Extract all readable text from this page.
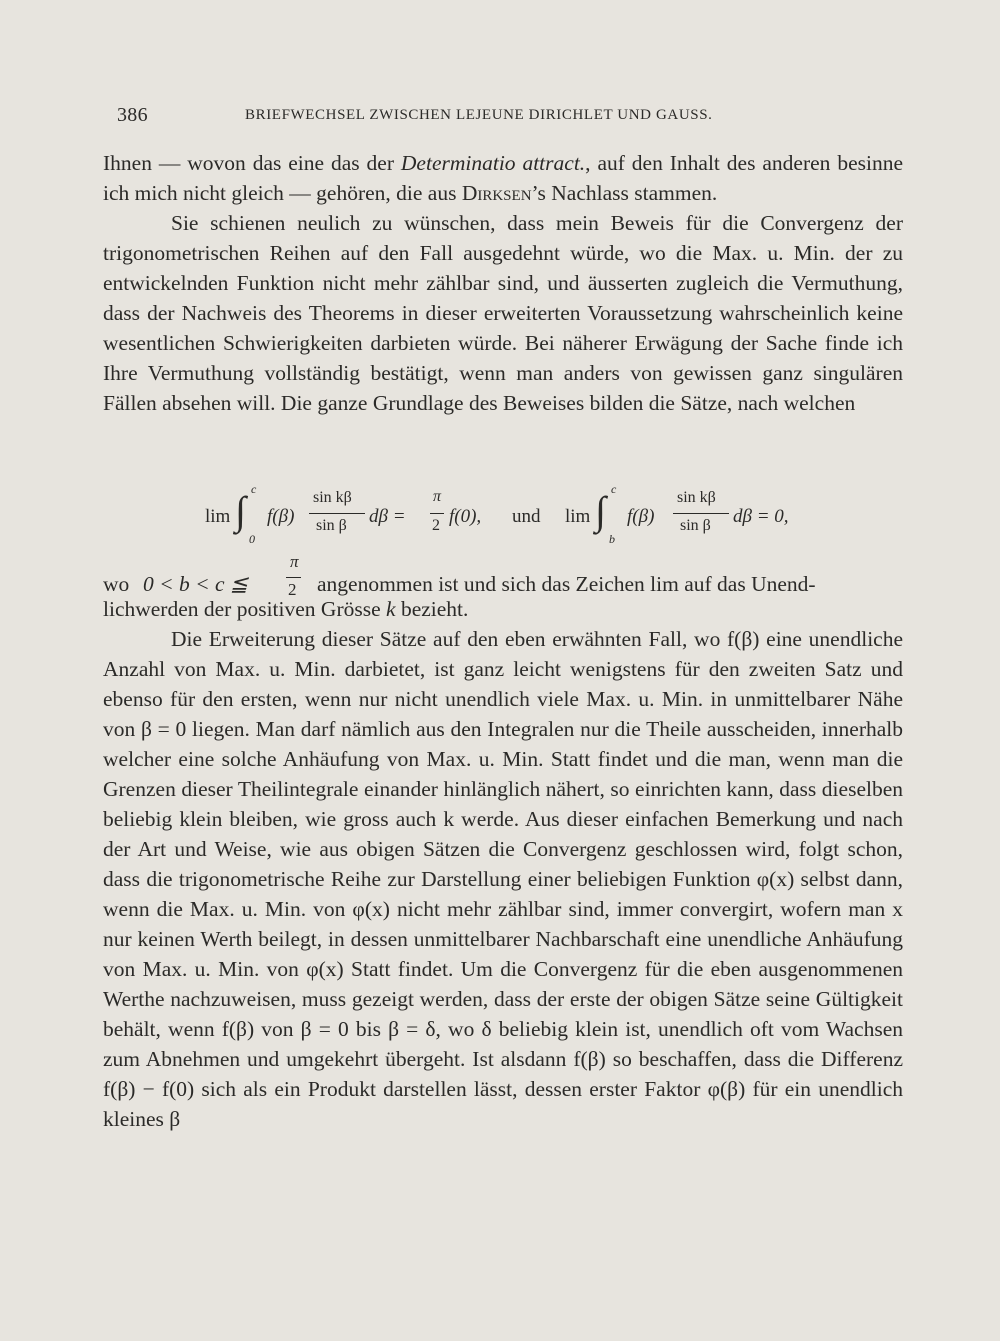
386	BRIEFWECHSEL ZWISCHEN LEJEUNE DIRICHLET UND GAUSS.

Ihnen — wovon das eine das der Determinatio attract., auf den Inhalt des anderen besinne ich mich nicht gleich — gehören, die aus Dirksen’s Nachlass stammen.

Sie schienen neulich zu wünschen, dass mein Beweis für die Convergenz der trigonometrischen Reihen auf den Fall ausgedehnt würde, wo die Max. u. Min. der zu entwickelnden Funktion nicht mehr zählbar sind, und äusserten zugleich die Vermuthung, dass der Nachweis des Theorems in dieser erweiterten Voraussetzung wahrscheinlich keine wesentlichen Schwierigkeiten darbieten würde. Bei näherer Erwägung der Sache finde ich Ihre Vermuthung vollständig bestätigt, wenn man anders von gewissen ganz singulären Fällen absehen will. Die ganze Grundlage des Beweises bilden die Sätze, nach welchen

lim ∫ c
0
f(β)
sin kβ
sin β dβ =
π
2 f(0), und lim ∫ c
b
f(β)
sin kβ
sin β dβ = 0,
wo 0 < b < c ≦
π
2 angenommen ist und sich das Zeichen lim auf das Unend-

lichwerden der positiven Grösse k bezieht.

Die Erweiterung dieser Sätze auf den eben erwähnten Fall, wo f(β) eine unendliche Anzahl von Max. u. Min. darbietet, ist ganz leicht wenigstens für den zweiten Satz und ebenso für den ersten, wenn nur nicht unendlich viele Max. u. Min. in unmittelbarer Nähe von β = 0 liegen. Man darf nämlich aus den Integralen nur die Theile ausscheiden, innerhalb welcher eine solche Anhäufung von Max. u. Min. Statt findet und die man, wenn man die Grenzen dieser Theilintegrale einander hinlänglich nähert, so einrichten kann, dass dieselben beliebig klein bleiben, wie gross auch k werde. Aus dieser einfachen Bemerkung und nach der Art und Weise, wie aus obigen Sätzen die Convergenz geschlossen wird, folgt schon, dass die trigonometrische Reihe zur Darstellung einer beliebigen Funktion φ(x) selbst dann, wenn die Max. u. Min. von φ(x) nicht mehr zählbar sind, immer convergirt, wofern man x nur keinen Werth beilegt, in dessen unmittelbarer Nachbarschaft eine unendliche Anhäufung von Max. u. Min. von φ(x) Statt findet. Um die Convergenz für die eben ausgenommenen Werthe nachzuweisen, muss gezeigt werden, dass der erste der obigen Sätze seine Gültigkeit behält, wenn f(β) von β = 0 bis β = δ, wo δ beliebig klein ist, unendlich oft vom Wachsen zum Abnehmen und umgekehrt übergeht. Ist alsdann f(β) so beschaffen, dass die Differenz f(β) − f(0) sich als ein Produkt darstellen lässt, dessen erster Faktor φ(β) für ein unendlich kleines β
